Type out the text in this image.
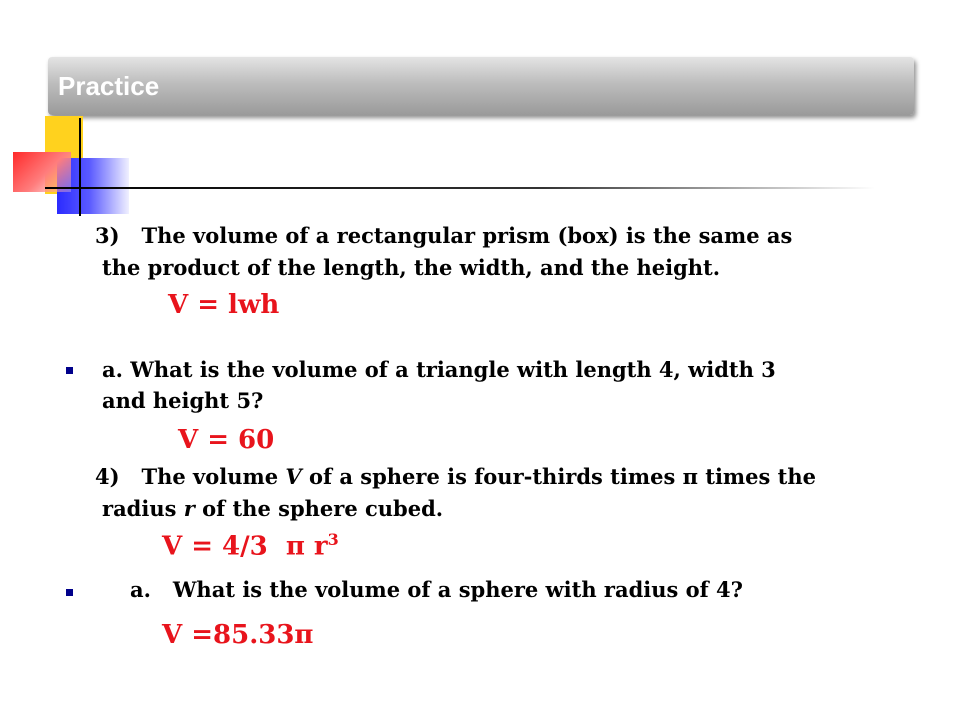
Practice
3)   The volume of a rectangular prism (box) is the same as
the product of the length, the width, and the height.
V = lwh
a. What is the volume of a triangle with length 4, width 3
and height 5?
V = 60
4)   The volume V of a sphere is four-thirds times π times the
radius r of the sphere cubed.
V = 4/3  π $r^3$
a.   What is the volume of a sphere with radius of 4?
V =85.33π
